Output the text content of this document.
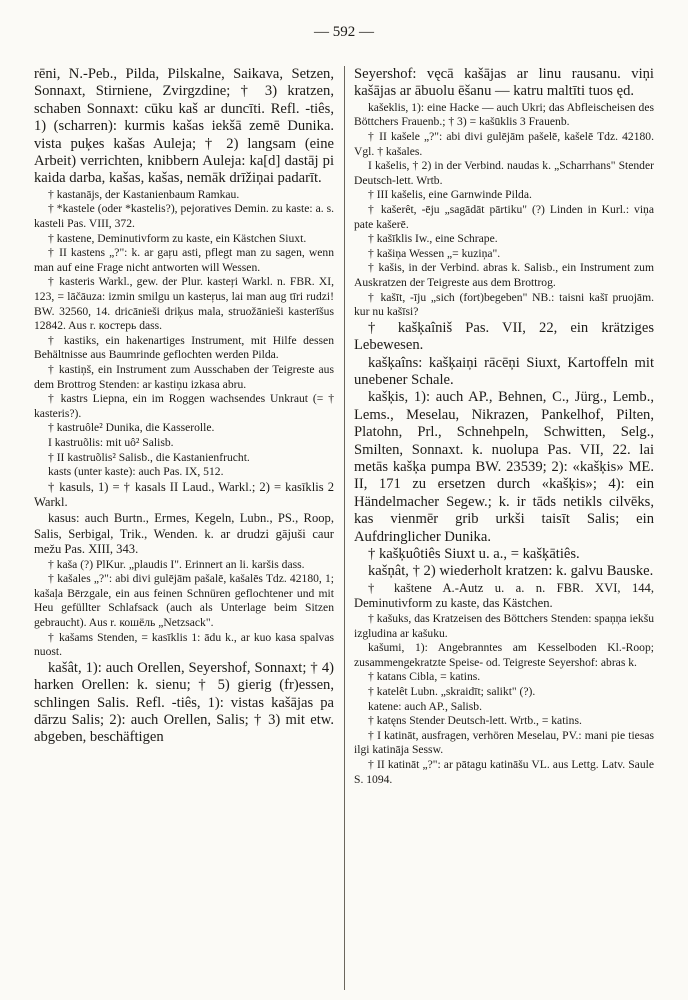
— 592 —

rēni, N.-Peb., Pilda, Pilskalne, Saikava, Setzen, Sonnaxt, Stirniene, Zvirgzdine; † 3) kratzen, schaben Sonnaxt: cūku kaš ar duncīti. Refl. -tiês, 1) (scharren): kurmis kašas iekšā zemē Dunika. vista puķes kašas Auleja; † 2) langsam (eine Arbeit) verrichten, knibbern Auleja: ka[d] dastāj pi kaida darba, kašas, kašas, nemāk drīžiņai padarīt.

† kastanājs, der Kastanienbaum Ramkau.

† *kastele (oder *kastelis?), pejoratives Demin. zu kaste: a. s. kasteli Pas. VIII, 372.

† kastene, Deminutivform zu kaste, ein Kästchen Siuxt.

† II kastens „?": k. ar gaŗu asti, pflegt man zu sagen, wenn man auf eine Frage nicht antworten will Wessen.

† kasteris Warkl., gew. der Plur. kasteŗi Warkl. n. FBR. XI, 123, = lāčāuza: izmin smilgu un kasteŗus, lai man aug tīri rudzi! BW. 32560, 14. dricānieši driķus mala, struožānieši kasterīšus 12842. Aus r. костерь dass.

† kastiks, ein hakenartiges Instrument, mit Hilfe dessen Behältnisse aus Baumrinde geflochten werden Pilda.

† kastiņš, ein Instrument zum Ausschaben der Teigreste aus dem Brottrog Stenden: ar kastiņu izkasa abru.

† kastrs Liepna, ein im Roggen wachsendes Unkraut (= † kasteris?).

† kastruôle² Dunika, die Kasserolle.

I kastruõlis: mit uô² Salisb.

† II kastruõlis² Salisb., die Kastanienfrucht.

kasts (unter kaste): auch Pas. IX, 512.

† kasuls, 1) = † kasals II Laud., Warkl.; 2) = kasīklis 2 Warkl.

kasus: auch Burtn., Ermes, Kegeln, Lubn., PS., Roop, Salis, Serbigal, Trik., Wenden. k. ar drudzi gājuši caur mežu Pas. XIII, 343.

† kaša (?) PlKur. „plaudis I". Erinnert an li. karšis dass.

† kašales „?": abi divi gulējām pašalē, kašalēs Tdz. 42180, 1; kašaļa Bērzgale, ein aus feinen Schnüren geflochtener und mit Heu gefüllter Schlafsack (auch als Unterlage beim Sitzen gebraucht). Aus r. кошёль „Netzsack".

† kašams Stenden, = kasīklis 1: ādu k., ar kuo kasa spalvas nuost.

kašât, 1): auch Orellen, Seyershof, Sonnaxt; † 4) harken Orellen: k. sienu; † 5) gierig (fr)essen, schlingen Salis. Refl. -tiês, 1): vistas kašājas pa dārzu Salis; 2): auch Orellen, Salis; † 3) mit etw. abgeben, beschäftigen

Seyershof: vęcā kašājas ar linu rausanu. viņi kašājas ar ābuolu ēšanu — katru maltīti tuos ęd.

kašeklis, 1): eine Hacke — auch Ukri; das Abfleischeisen des Böttchers Frauenb.; † 3) = kašūklis 3 Frauenb.

† II kašele „?": abi divi gulējām pašelē, kašelē Tdz. 42180. Vgl. † kašales.

I kašelis, † 2) in der Verbind. naudas k. „Scharrhans" Stender Deutsch-lett. Wrtb.

† III kašelis, eine Garnwinde Pilda.

† kašerêt, -ēju „sagādāt pārtiku" (?) Linden in Kurl.: viņa pate kašerē.

† kašīklis Iw., eine Schrape.

† kašiņa Wessen „= kuziņa".

† kašis, in der Verbind. abras k. Salisb., ein Instrument zum Auskratzen der Teigreste aus dem Brottrog.

† kašīt, -īju „sich (fort)begeben" NB.: taisni kašī pruojām. kur nu kašīsi?

† kašķaîniš Pas. VII, 22, ein krätziges Lebewesen.

kašķaîns: kašķaiņi rācēņi Siuxt, Kartoffeln mit unebener Schale.

kašķis, 1): auch AP., Behnen, C., Jürg., Lemb., Lems., Meselau, Nikrazen, Pankelhof, Pilten, Platohn, Prl., Schnehpeln, Schwitten, Selg., Smilten, Sonnaxt. k. nuolupa Pas. VII, 22. lai metās kašķa pumpa BW. 23539; 2): «kašķis» ME. II, 171 zu ersetzen durch «kašķis»; 4): ein Händelmacher Segew.; k. ir tāds netikls cilvēks, kas vienmēr grib urkši taisīt Salis; ein Aufdringlicher Dunika.

† kašķuôtiês Siuxt u. a., = kašķātiês.

kašņât, † 2) wiederholt kratzen: k. galvu Bauske.

† kaštene A.-Autz u. a. n. FBR. XVI, 144, Deminutivform zu kaste, das Kästchen.

† kašuks, das Kratzeisen des Böttchers Stenden: spaņņa iekšu izgludina ar kašuku.

kašumi, 1): Angebranntes am Kesselboden Kl.-Roop; zusammengekratzte Speise- od. Teigreste Seyershof: abras k.

† katans Cibla, = katins.

† katelêt Lubn. „skraidīt; salikt" (?).

katene: auch AP., Salisb.

† katęns Stender Deutsch-lett. Wrtb., = katins.

† I katināt, ausfragen, verhören Meselau, PV.: mani pie tiesas ilgi katināja Sessw.

† II katināt „?": ar pātagu katināšu VL. aus Lettg. Latv. Saule S. 1094.
